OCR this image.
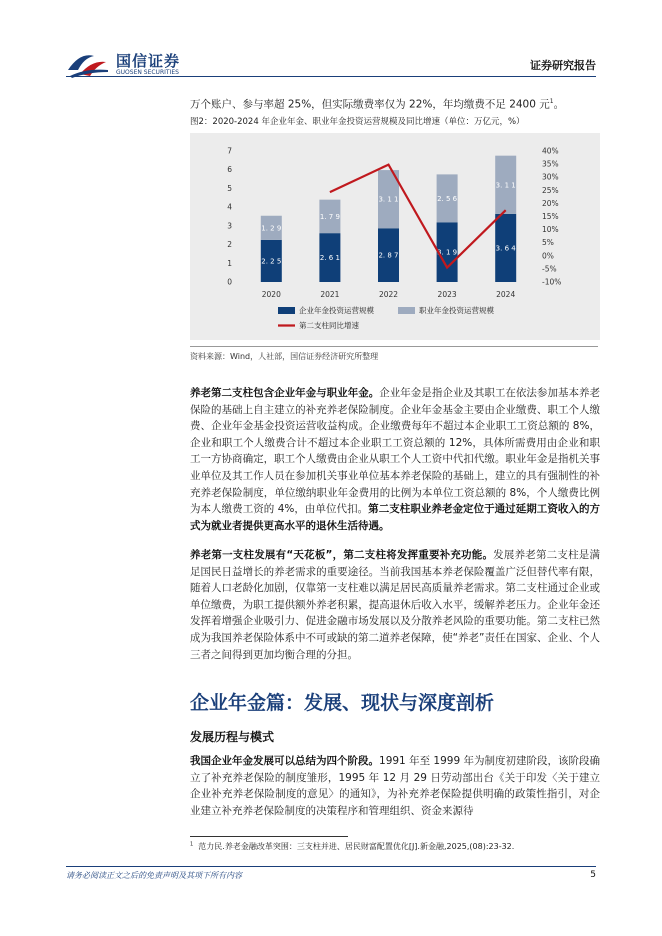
国信证券
GUOSEN SECURITIES
证券研究报告
万个账户、参与率超 25%，但实际缴费率仅为 22%，年均缴费不足 2400 元$^1$。
图2：2020-2024 年企业年金、职业年金投资运营规模及同比增速（单位：万亿元，%）
0
1
2
3
4
5
6
7
-10%
-5%
0%
5%
10%
15%
20%
25%
30%
35%
40%
2. 2 5
1. 2 9
2. 6 1
1. 7 9
2. 8 7
3. 1 1
3. 1 9
2. 5 6
3. 6 4
3. 1 1
2020	2021	2022	2023	2024
企业年金投资运营规模	职业年金投资运营规模
第二支柱同比增速
资料来源：Wind，人社部，国信证券经济研究所整理
养老第二支柱包含企业年金与职业年金。企业年金是指企业及其职工在依法参加基本养老保险的基础上自主建立的补充养老保险制度。企业年金基金主要由企业缴费、职工个人缴费、企业年金基金投资运营收益构成。企业缴费每年不超过本企业职工工资总额的 8%，企业和职工个人缴费合计不超过本企业职工工资总额的 12%，具体所需费用由企业和职工一方协商确定，职工个人缴费由企业从职工个人工资中代扣代缴。职业年金是指机关事业单位及其工作人员在参加机关事业单位基本养老保险的基础上，建立的具有强制性的补充养老保险制度，单位缴纳职业年金费用的比例为本单位工资总额的 8%，个人缴费比例为本人缴费工资的 4%，由单位代扣。第二支柱职业养老金定位于通过延期工资收入的方式为就业者提供更高水平的退休生活待遇。
养老第一支柱发展有“天花板”，第二支柱将发挥重要补充功能。发展养老第二支柱是满足国民日益增长的养老需求的重要途径。当前我国基本养老保险覆盖广泛但替代率有限，随着人口老龄化加剧，仅靠第一支柱难以满足居民高质量养老需求。第二支柱通过企业或单位缴费，为职工提供额外养老积累，提高退休后收入水平，缓解养老压力。企业年金还发挥着增强企业吸引力、促进金融市场发展以及分散养老风险的重要功能。第二支柱已然成为我国养老保险体系中不可或缺的第二道养老保障，使“养老”责任在国家、企业、个人三者之间得到更加均衡合理的分担。
企业年金篇：发展、现状与深度剖析
发展历程与模式
我国企业年金发展可以总结为四个阶段。1991 年至 1999 年为制度初建阶段，该阶段确立了补充养老保险的制度雏形，1995 年 12 月 29 日劳动部出台《关于印发〈关于建立企业补充养老保险制度的意见〉的通知》，为补充养老保险提供明确的政策性指引，对企业建立补充养老保险制度的决策程序和管理组织、资金来源待
$^1$ 范力民.养老金融改革突围：三支柱并进、居民财富配置优化[J].新金融,2025,(08):23-32.
请务必阅读正文之后的免责声明及其项下所有内容	5
